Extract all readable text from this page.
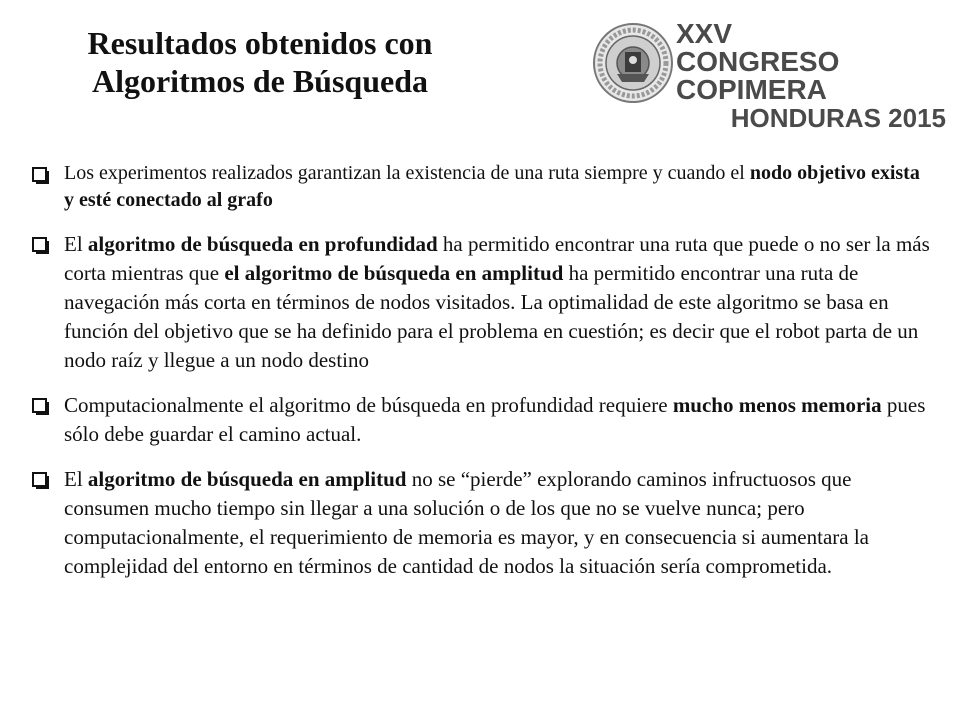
Resultados obtenidos con
Algoritmos de Búsqueda
XXV
CONGRESO COPIMERA
HONDURAS 2015
Los experimentos realizados garantizan la existencia de una ruta siempre y cuando el nodo objetivo exista y esté conectado al grafo
El algoritmo de búsqueda en profundidad ha permitido encontrar una ruta que puede o no ser la más corta mientras que el algoritmo de búsqueda en amplitud ha permitido encontrar una ruta de navegación más corta en términos de nodos visitados. La optimalidad de este algoritmo se basa en función del objetivo que se ha definido para el problema en cuestión; es decir que el robot parta de un nodo raíz y llegue a un nodo destino
Computacionalmente el algoritmo de búsqueda en profundidad requiere mucho menos memoria pues sólo debe guardar el camino actual.
El algoritmo de búsqueda en amplitud no se “pierde” explorando caminos infructuosos que consumen mucho tiempo sin llegar a una solución o de los que no se vuelve nunca; pero computacionalmente, el requerimiento de memoria es mayor, y en consecuencia si aumentara la complejidad del entorno en términos de cantidad de nodos la situación sería comprometida.
